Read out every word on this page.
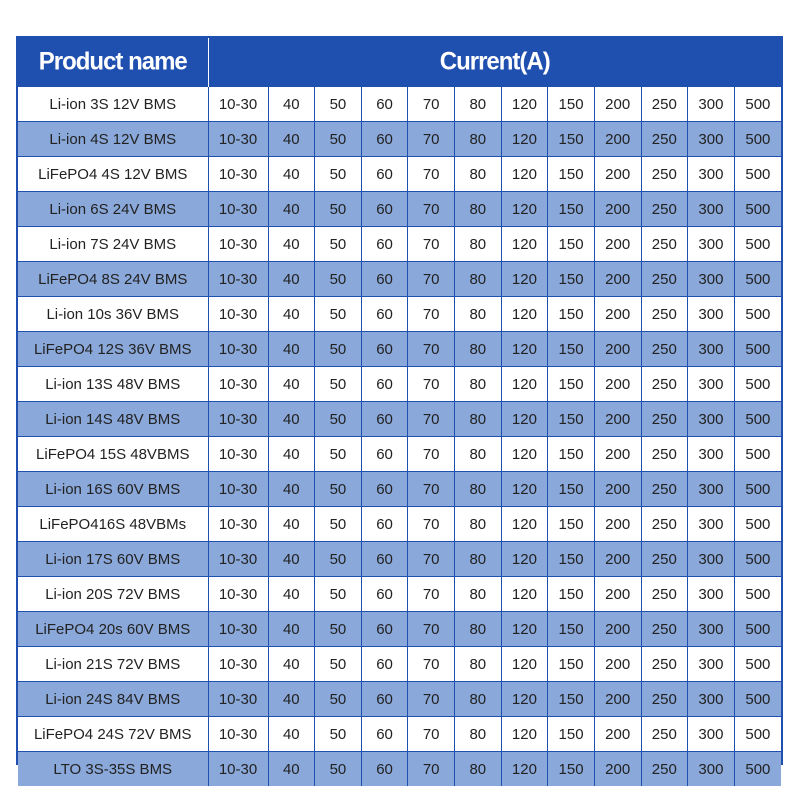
Product name	Current(A)											
Li-ion 3S 12V BMS	10-30	40	50	60	70	80	120	150	200	250	300	500
Li-ion 4S 12V BMS	10-30	40	50	60	70	80	120	150	200	250	300	500
LiFePO4 4S 12V BMS	10-30	40	50	60	70	80	120	150	200	250	300	500
Li-ion 6S 24V BMS	10-30	40	50	60	70	80	120	150	200	250	300	500
Li-ion 7S 24V BMS	10-30	40	50	60	70	80	120	150	200	250	300	500
LiFePO4 8S 24V BMS	10-30	40	50	60	70	80	120	150	200	250	300	500
Li-ion 10s 36V BMS	10-30	40	50	60	70	80	120	150	200	250	300	500
LiFePO4 12S 36V BMS	10-30	40	50	60	70	80	120	150	200	250	300	500
Li-ion 13S 48V BMS	10-30	40	50	60	70	80	120	150	200	250	300	500
Li-ion 14S 48V BMS	10-30	40	50	60	70	80	120	150	200	250	300	500
LiFePO4 15S 48VBMS	10-30	40	50	60	70	80	120	150	200	250	300	500
Li-ion 16S 60V BMS	10-30	40	50	60	70	80	120	150	200	250	300	500
LiFePO416S 48VBMs	10-30	40	50	60	70	80	120	150	200	250	300	500
Li-ion 17S 60V BMS	10-30	40	50	60	70	80	120	150	200	250	300	500
Li-ion 20S 72V BMS	10-30	40	50	60	70	80	120	150	200	250	300	500
LiFePO4 20s 60V BMS	10-30	40	50	60	70	80	120	150	200	250	300	500
Li-ion 21S 72V BMS	10-30	40	50	60	70	80	120	150	200	250	300	500
Li-ion 24S 84V BMS	10-30	40	50	60	70	80	120	150	200	250	300	500
LiFePO4 24S 72V BMS	10-30	40	50	60	70	80	120	150	200	250	300	500
LTO 3S-35S BMS	10-30	40	50	60	70	80	120	150	200	250	300	500
